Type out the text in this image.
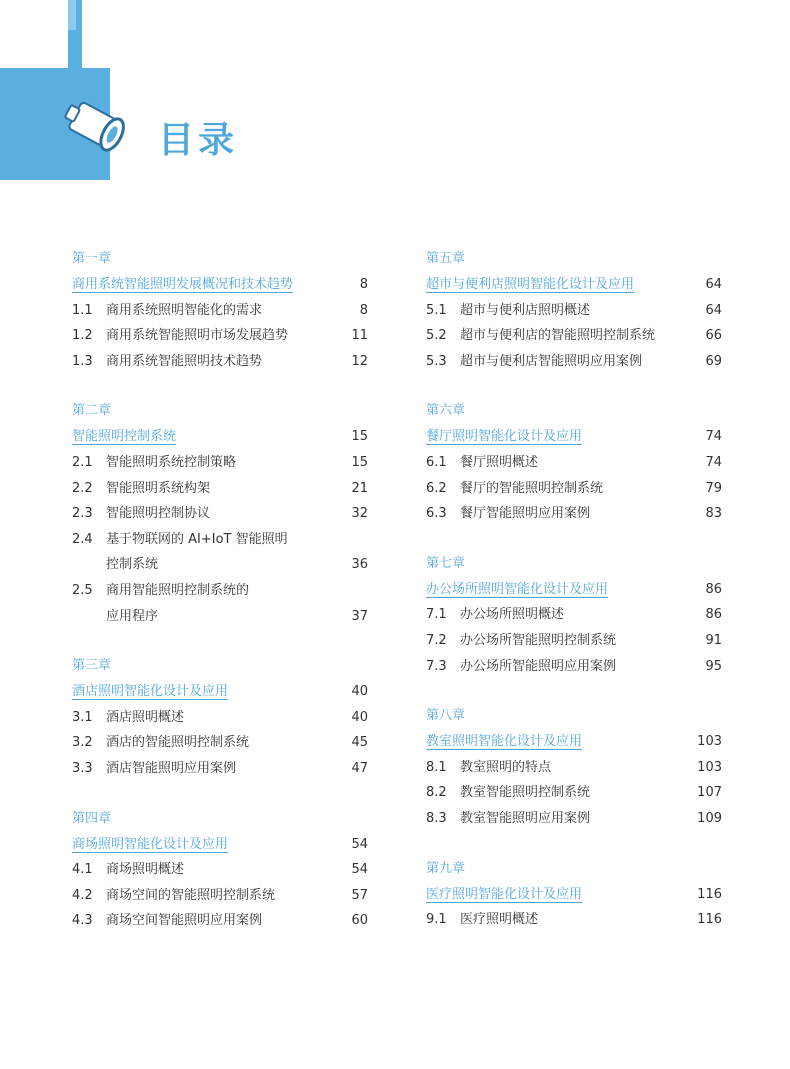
目录
第一章
商用系统智能照明发展概况和技术趋势	8
1.1 商用系统照明智能化的需求	8
1.2 商用系统智能照明市场发展趋势	11
1.3 商用系统智能照明技术趋势	12
第二章
智能照明控制系统	15
2.1 智能照明系统控制策略	15
2.2 智能照明系统构架	21
2.3 智能照明控制协议	32
2.4	基于物联网的 AI+IoT 智能照明
控制系统	36
2.5	商用智能照明控制系统的
应用程序	37
第三章
酒店照明智能化设计及应用	40
3.1 酒店照明概述	40
3.2 酒店的智能照明控制系统	45
3.3 酒店智能照明应用案例	47
第四章
商场照明智能化设计及应用	54
4.1 商场照明概述	54
4.2 商场空间的智能照明控制系统	57
4.3 商场空间智能照明应用案例	60
第五章
超市与便利店照明智能化设计及应用	64
5.1 超市与便利店照明概述	64
5.2 超市与便利店的智能照明控制系统	66
5.3 超市与便利店智能照明应用案例	69
第六章
餐厅照明智能化设计及应用	74
6.1 餐厅照明概述	74
6.2 餐厅的智能照明控制系统	79
6.3 餐厅智能照明应用案例	83
第七章
办公场所照明智能化设计及应用	86
7.1 办公场所照明概述	86
7.2 办公场所智能照明控制系统	91
7.3 办公场所智能照明应用案例	95
第八章
教室照明智能化设计及应用	103
8.1 教室照明的特点	103
8.2 教室智能照明控制系统	107
8.3 教室智能照明应用案例	109
第九章
医疗照明智能化设计及应用	116
9.1 医疗照明概述	116
